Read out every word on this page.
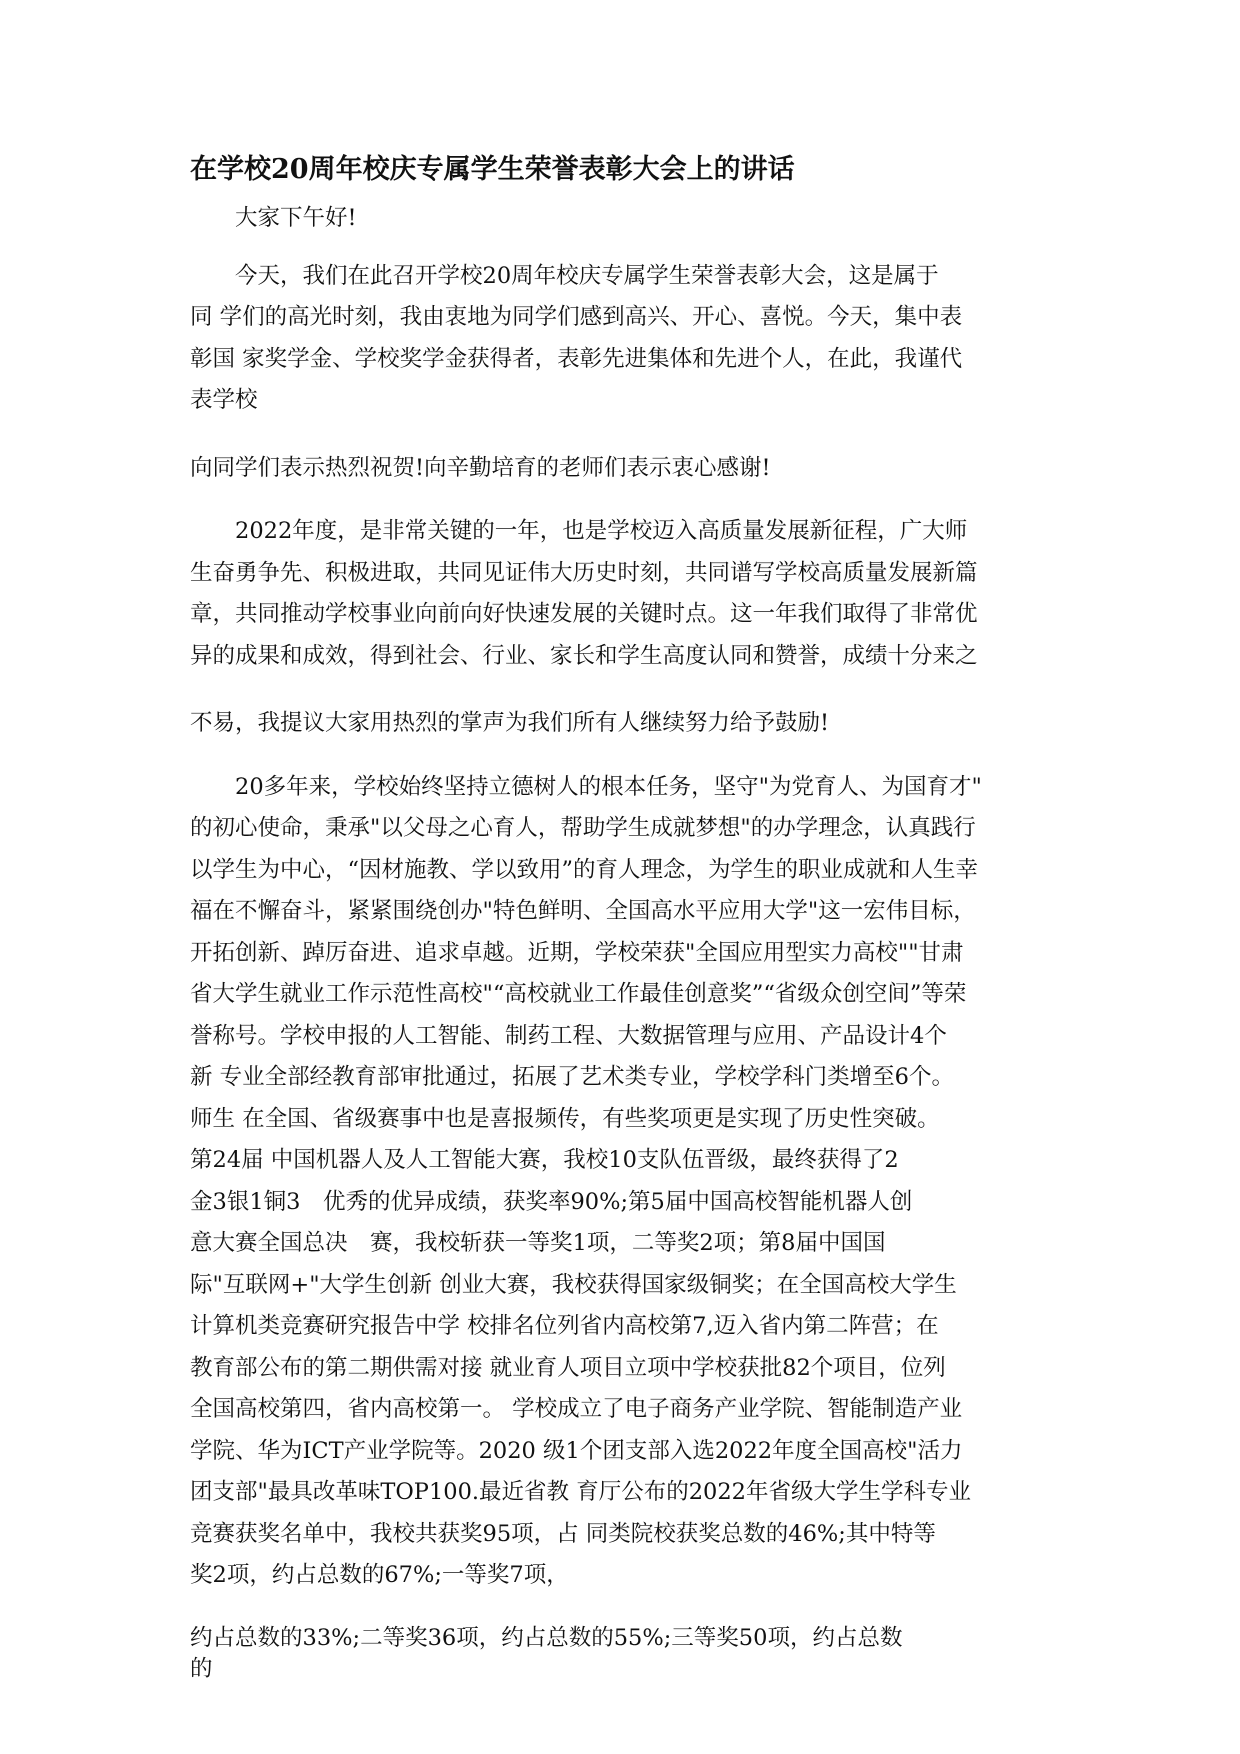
在学校20周年校庆专属学生荣誉表彰大会上的讲话

大家下午好!

今天，我们在此召开学校20周年校庆专属学生荣誉表彰大会，这是属于
同 学们的高光时刻，我由衷地为同学们感到高兴、开心、喜悦。今天，集中表
彰国 家奖学金、学校奖学金获得者，表彰先进集体和先进个人，在此，我谨代
表学校

向同学们表示热烈祝贺!向辛勤培育的老师们表示衷心感谢!

2022年度，是非常关键的一年，也是学校迈入高质量发展新征程，广大师
生奋勇争先、积极进取，共同见证伟大历史时刻，共同谱写学校高质量发展新篇
章，共同推动学校事业向前向好快速发展的关键时点。这一年我们取得了非常优
异的成果和成效，得到社会、行业、家长和学生高度认同和赞誉，成绩十分来之

不易，我提议大家用热烈的掌声为我们所有人继续努力给予鼓励!

20多年来，学校始终坚持立德树人的根本任务，坚守"为党育人、为国育才"
的初心使命，秉承"以父母之心育人，帮助学生成就梦想"的办学理念，认真践行
以学生为中心，“因材施教、学以致用”的育人理念，为学生的职业成就和人生幸
福在不懈奋斗，紧紧围绕创办"特色鲜明、全国高水平应用大学"这一宏伟目标，
开拓创新、踔厉奋进、追求卓越。近期，学校荣获"全国应用型实力高校""甘肃
省大学生就业工作示范性高校"“高校就业工作最佳创意奖”“省级众创空间”等荣
誉称号。学校申报的人工智能、制药工程、大数据管理与应用、产品设计4个
新 专业全部经教育部审批通过，拓展了艺术类专业，学校学科门类增至6个。
师生 在全国、省级赛事中也是喜报频传，有些奖项更是实现了历史性突破。
第24届 中国机器人及人工智能大赛，我校10支队伍晋级，最终获得了2
金3银1铜3　优秀的优异成绩，获奖率90%;第5届中国高校智能机器人创
意大赛全国总决　赛，我校斩获一等奖1项，二等奖2项；第8届中国国
际"互联网+"大学生创新 创业大赛，我校获得国家级铜奖；在全国高校大学生
计算机类竞赛研究报告中学 校排名位列省内高校第7,迈入省内第二阵营；在
教育部公布的第二期供需对接 就业育人项目立项中学校获批82个项目，位列
全国高校第四，省内高校第一。 学校成立了电子商务产业学院、智能制造产业
学院、华为ICT产业学院等。2020 级1个团支部入选2022年度全国高校"活力
团支部"最具改革味TOP100.最近省教 育厅公布的2022年省级大学生学科专业
竞赛获奖名单中，我校共获奖95项，占 同类院校获奖总数的46%;其中特等
奖2项，约占总数的67%;一等奖7项，

约占总数的33%;二等奖36项，约占总数的55%;三等奖50项，约占总数
的
